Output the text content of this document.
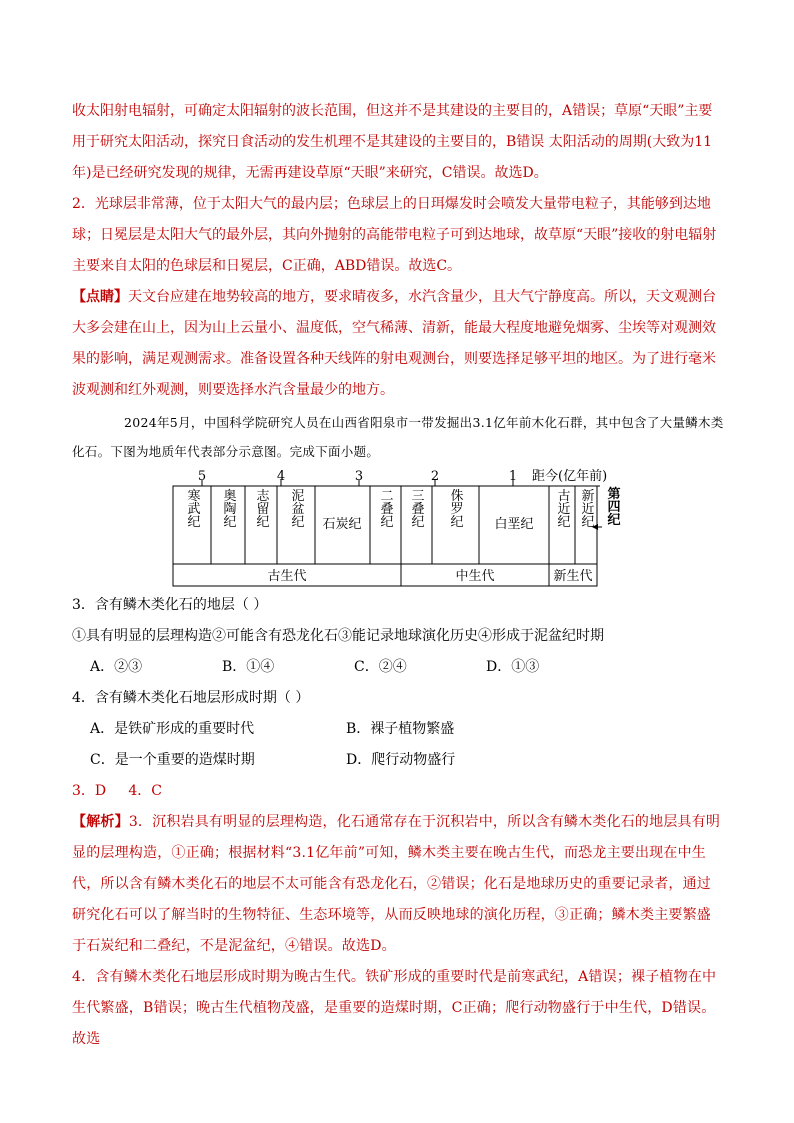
收太阳射电辐射，可确定太阳辐射的波长范围，但这并不是其建设的主要目的，A错误；草原“天眼”主要用于研究太阳活动，探究日食活动的发生机理不是其建设的主要目的，B错误 太阳活动的周期(大致为11年)是已经研究发现的规律，无需再建设草原“天眼”来研究，C错误。故选D。

2．光球层非常薄，位于太阳大气的最内层；色球层上的日珥爆发时会喷发大量带电粒子，其能够到达地球；日冕层是太阳大气的最外层，其向外抛射的高能带电粒子可到达地球，故草原“天眼”接收的射电辐射主要来自太阳的色球层和日冕层，C正确，ABD错误。故选C。

【点睛】天文台应建在地势较高的地方，要求晴夜多，水汽含量少，且大气宁静度高。所以，天文观测台大多会建在山上，因为山上云量小、温度低，空气稀薄、清新，能最大程度地避免烟雾、尘埃等对观测效果的影响，满足观测需求。准备设置各种天线阵的射电观测台，则要选择足够平坦的地区。为了进行毫米波观测和红外观测，则要选择水汽含量最少的地方。

2024年5月，中国科学院研究人员在山西省阳泉市一带发掘出3.1亿年前木化石群，其中包含了大量鳞木类化石。下图为地质年代表部分示意图。完成下面小题。

5	4	3	2	1 距今(亿年前)
寒武纪 奥陶纪 志留纪 泥盆纪 石炭纪 二叠纪 三叠纪 侏罗纪 白垩纪 古近纪 新近纪 第四纪
古生代	中生代	新生代

3．含有鳞木类化石的地层（ ）

①具有明显的层理构造②可能含有恐龙化石③能记录地球演化历史④形成于泥盆纪时期

A．②③	B．①④	C．②④	D．①③

4．含有鳞木类化石地层形成时期（ ）

A．是铁矿形成的重要时代	B．裸子植物繁盛
C．是一个重要的造煤时期	D．爬行动物盛行

3．D     4．C

【解析】3．沉积岩具有明显的层理构造，化石通常存在于沉积岩中，所以含有鳞木类化石的地层具有明显的层理构造，①正确；根据材料“3.1亿年前”可知，鳞木类主要在晚古生代，而恐龙主要出现在中生代，所以含有鳞木类化石的地层不太可能含有恐龙化石，②错误；化石是地球历史的重要记录者，通过研究化石可以了解当时的生物特征、生态环境等，从而反映地球的演化历程，③正确；鳞木类主要繁盛于石炭纪和二叠纪，不是泥盆纪，④错误。故选D。

4．含有鳞木类化石地层形成时期为晚古生代。铁矿形成的重要时代是前寒武纪，A错误；裸子植物在中生代繁盛，B错误；晚古生代植物茂盛，是重要的造煤时期，C正确；爬行动物盛行于中生代，D错误。故选
